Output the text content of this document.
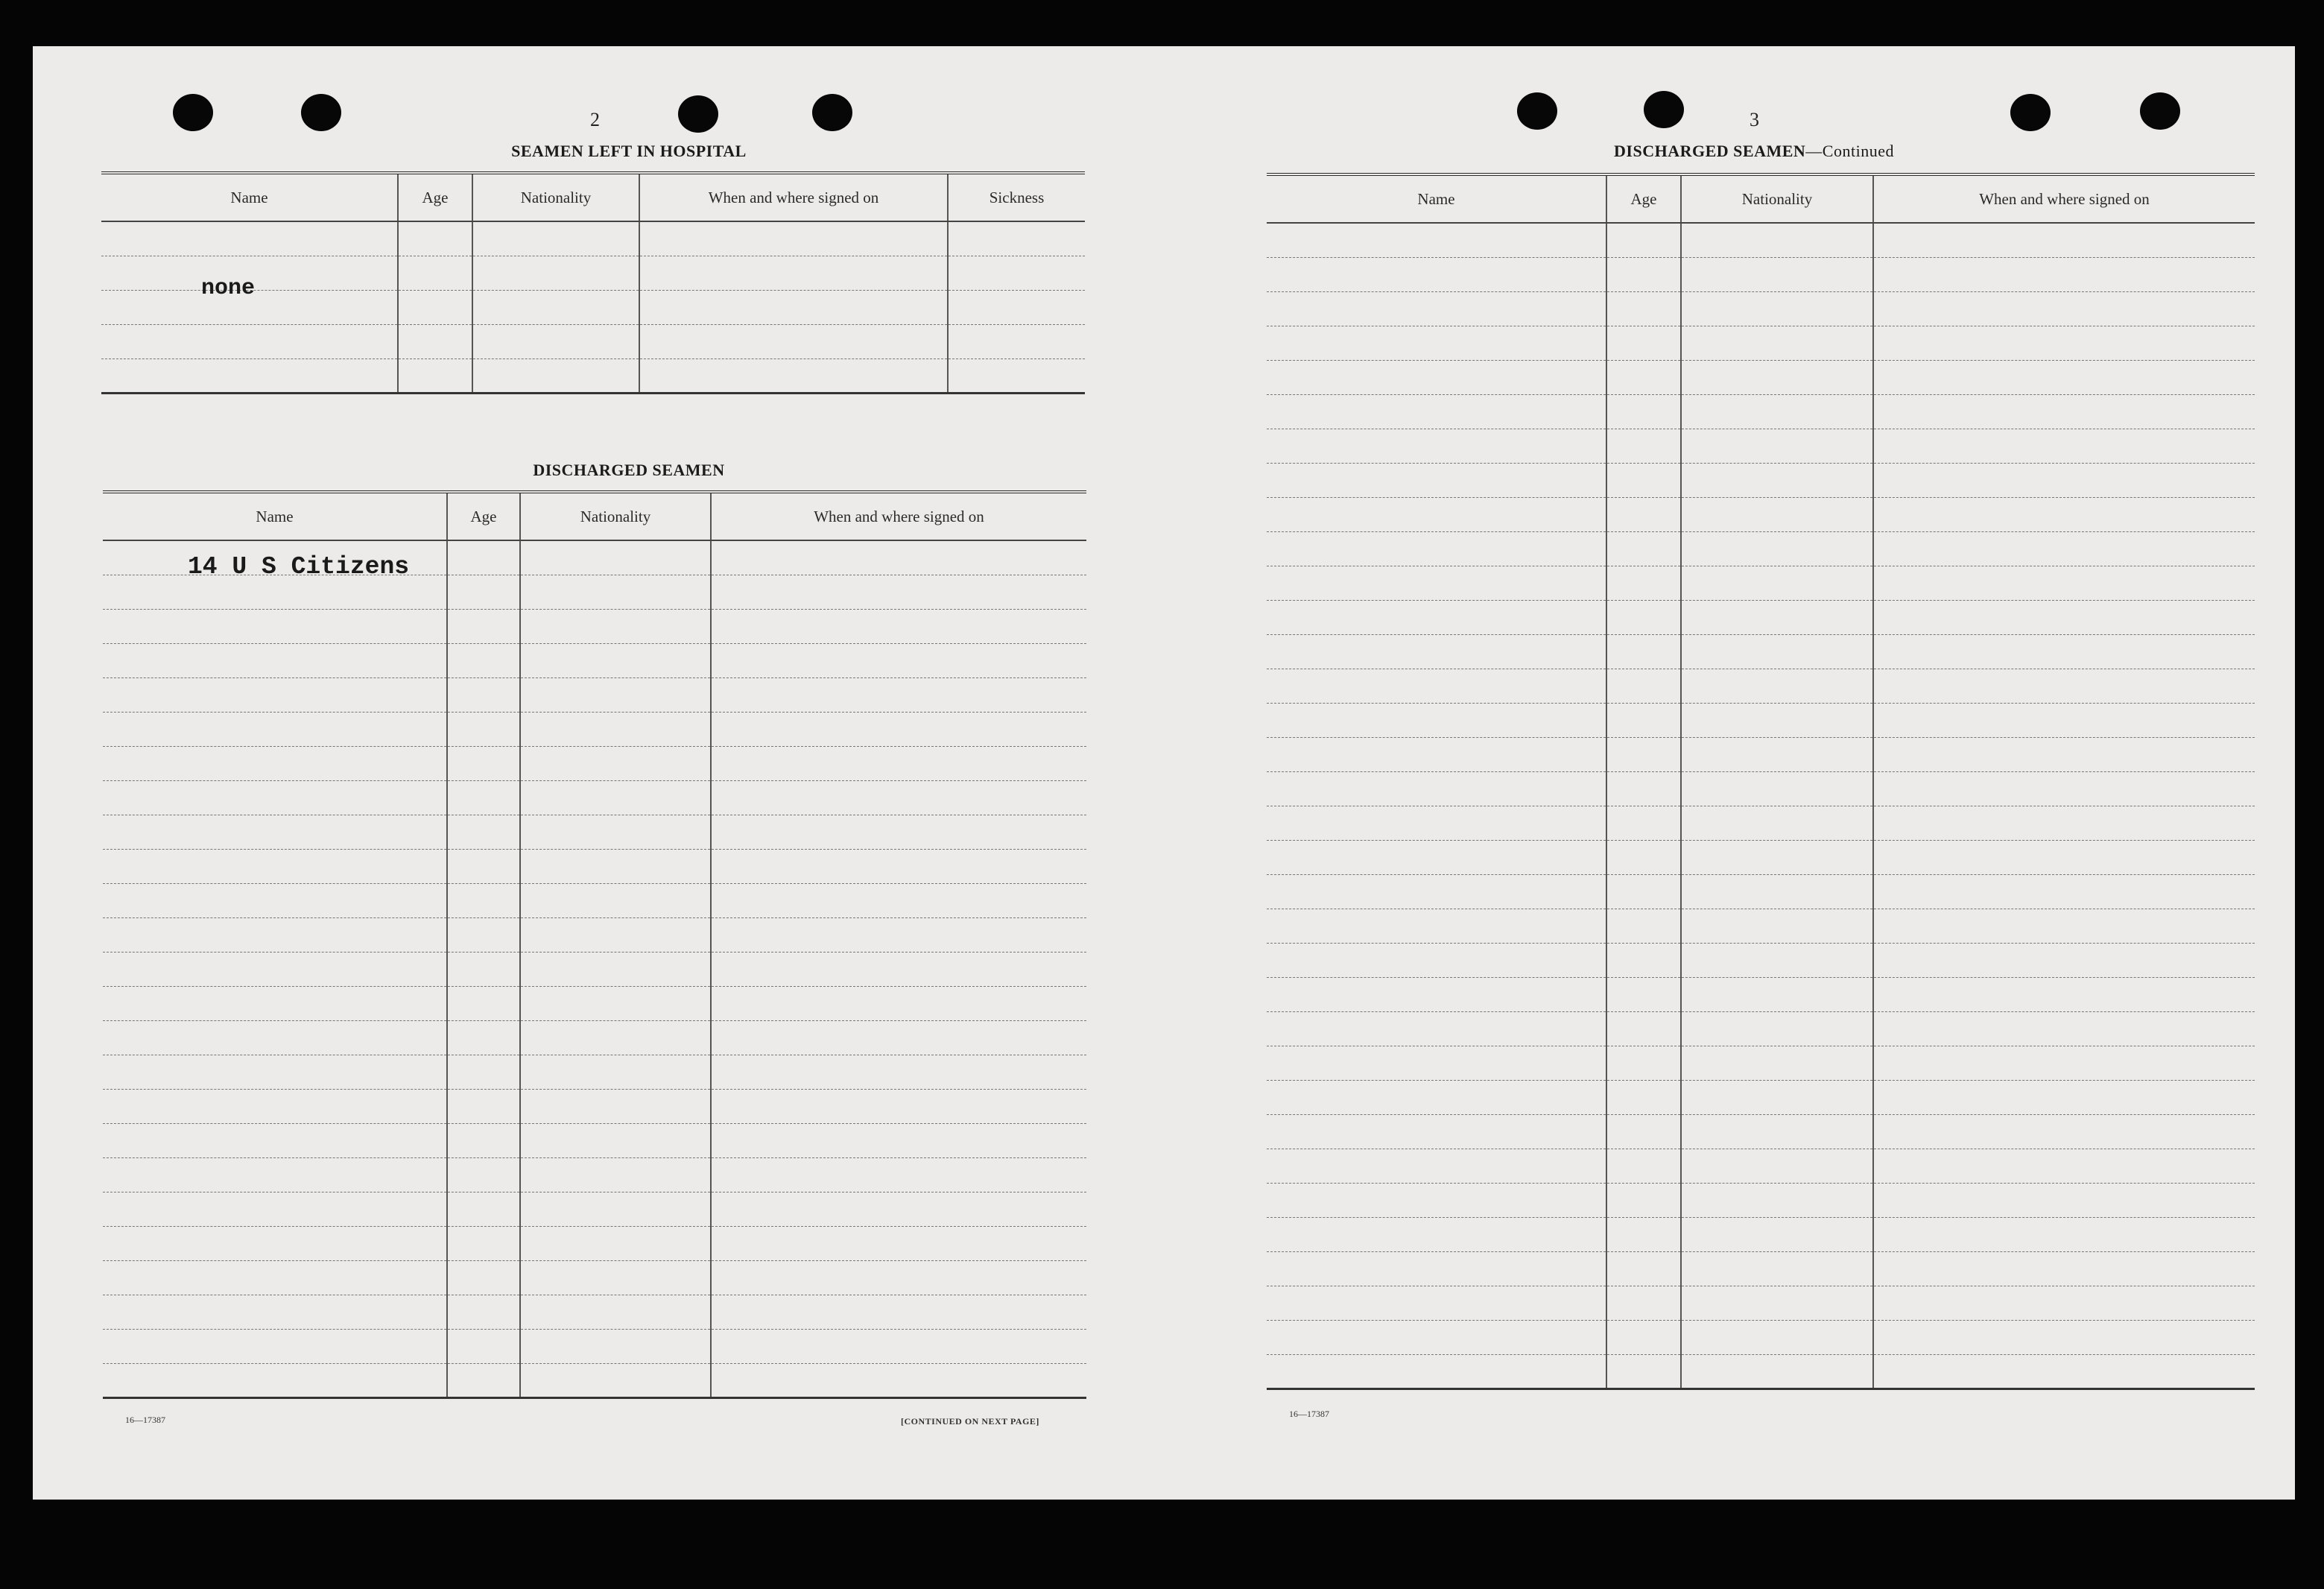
2
SEAMEN LEFT IN HOSPITAL
Name	Age	Nationality	When and where signed on	Sickness

none
DISCHARGED SEAMEN
Name	Age	Nationality	When and where signed on

14 U S Citizens
16—17387	[CONTINUED ON NEXT PAGE]
3
DISCHARGED SEAMEN—Continued
Name	Age	Nationality	When and where signed on

16—17387
